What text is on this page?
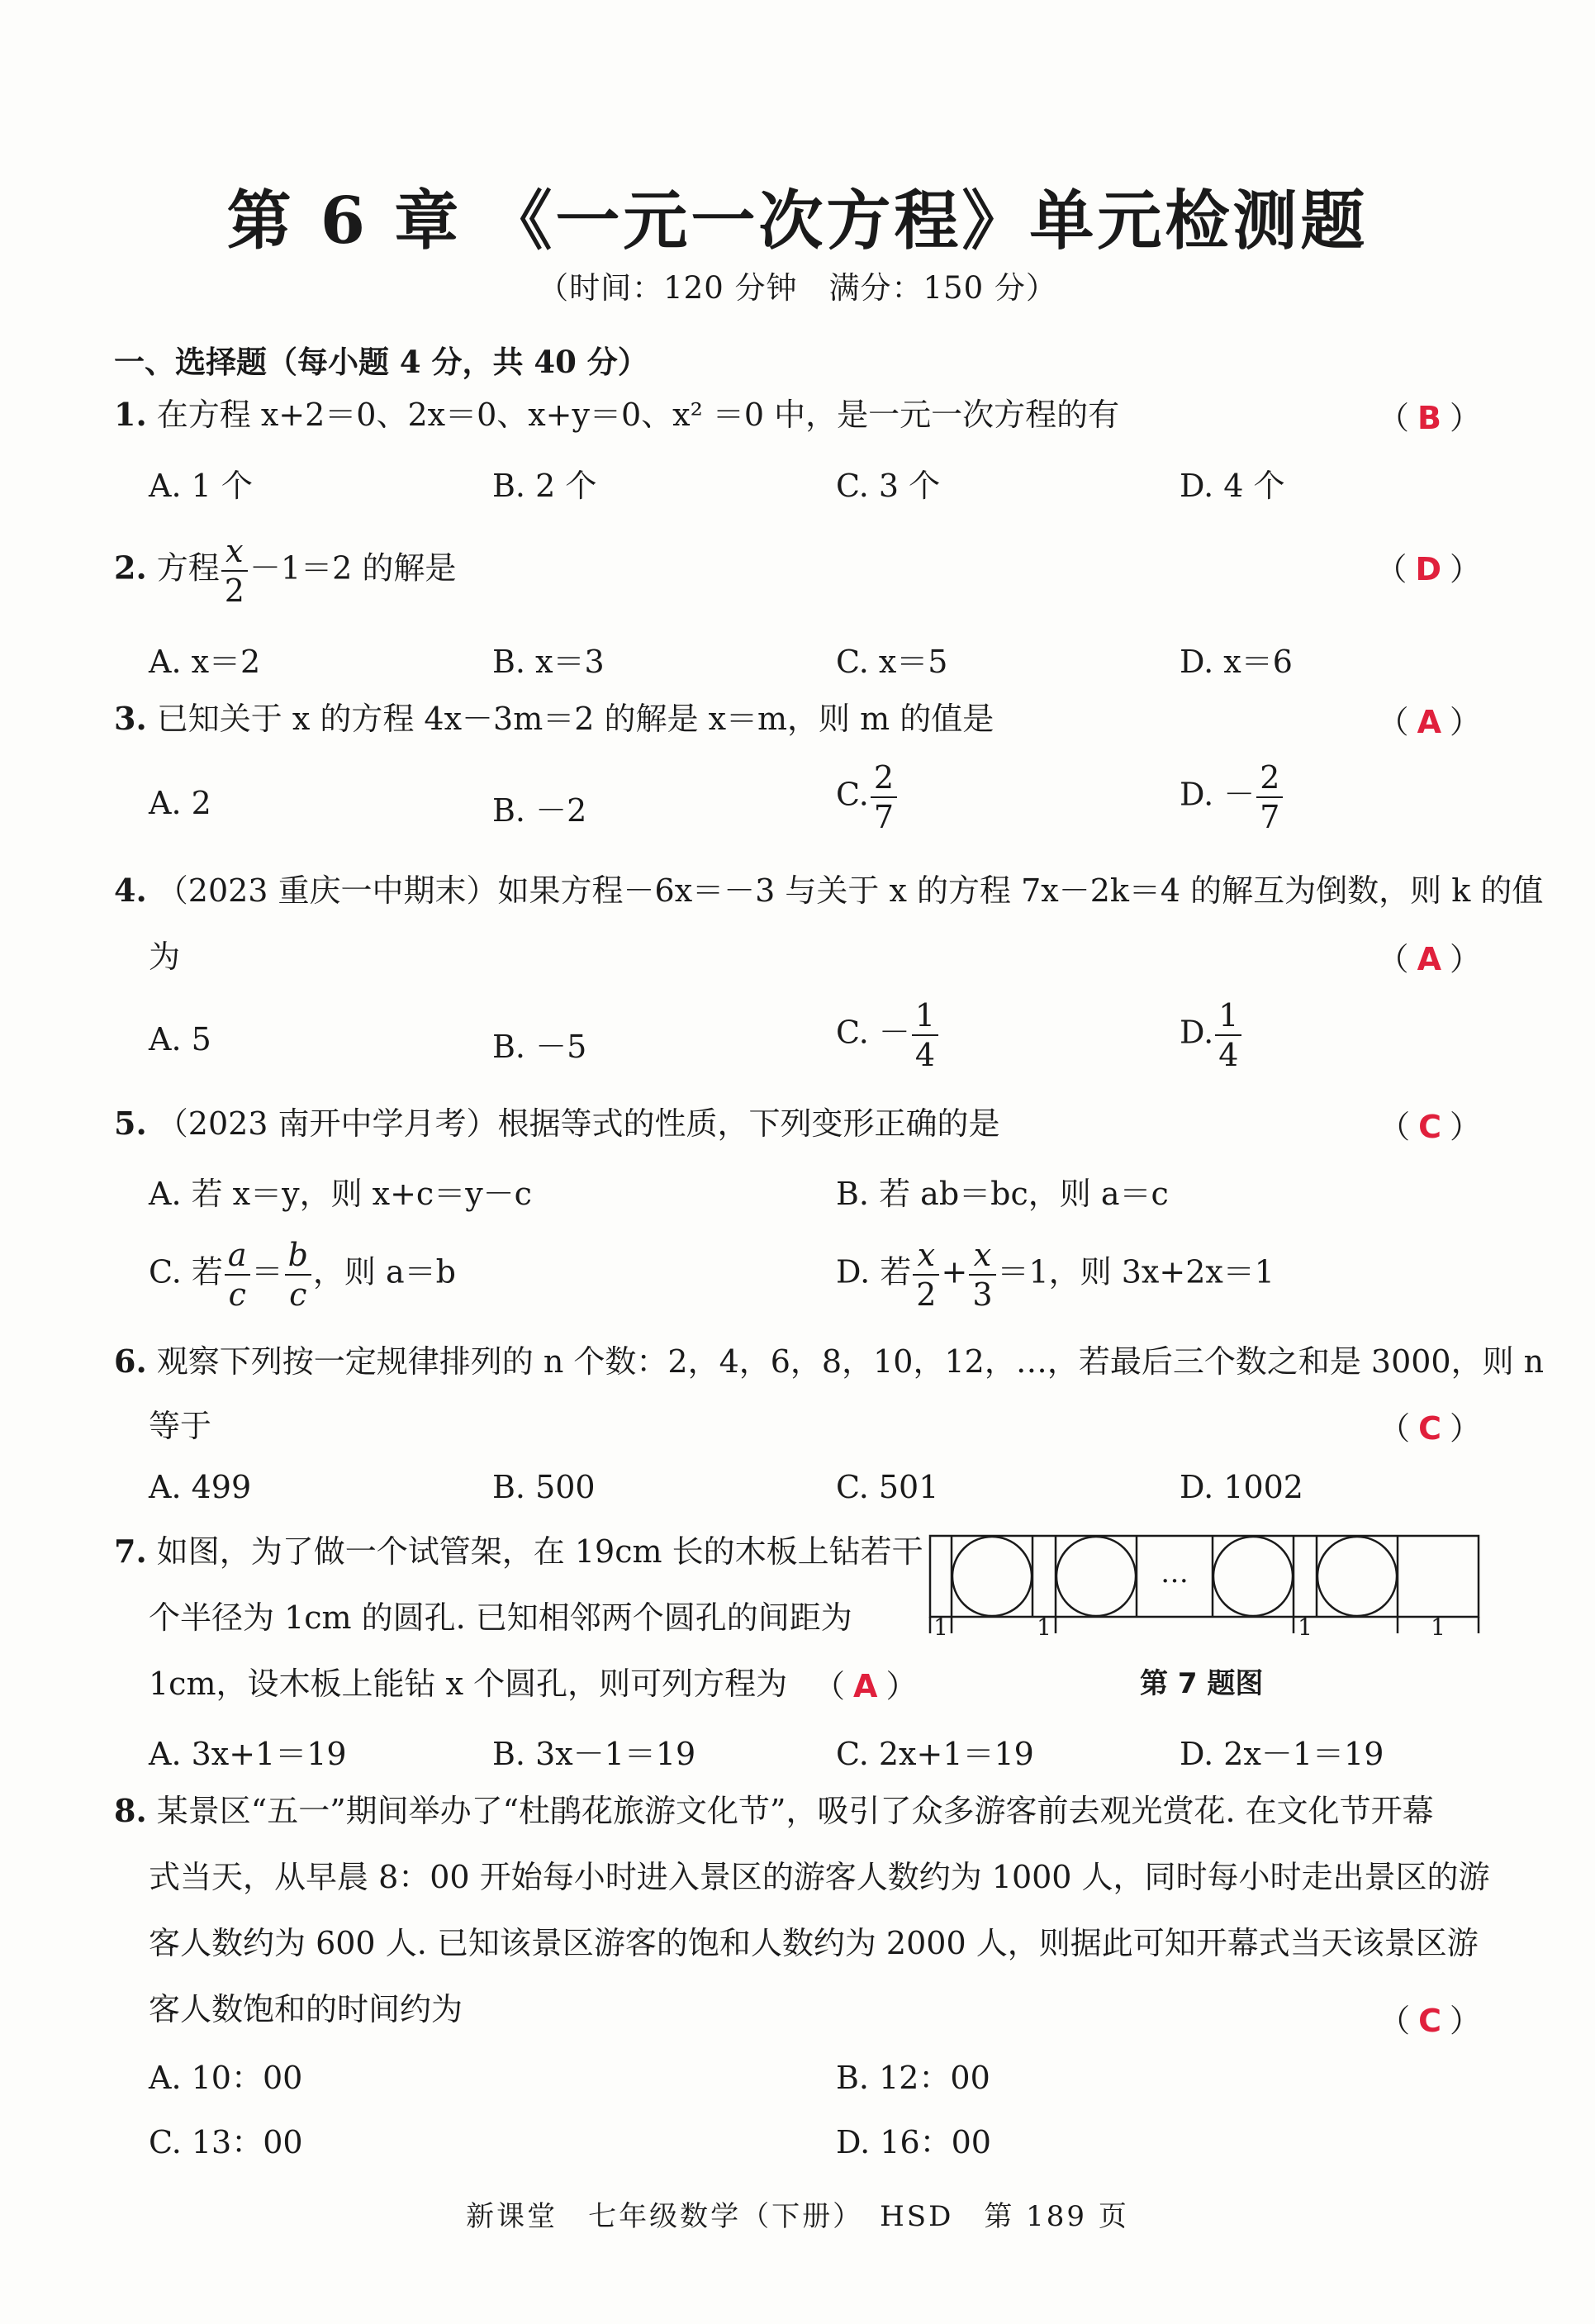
第 6 章 《一元一次方程》单元检测题
（时间：120 分钟　满分：150 分）
一、选择题（每小题 4 分，共 40 分）
1. 在方程 x+2＝0、2x＝0、x+y＝0、x² ＝0 中，是一元一次方程的有	（ B ）
A. 1 个	B. 2 个	C. 3 个	D. 4 个
2. 方程 $\frac{x}{2} -1=2$ 的解是	（ D ）
A. x＝2	B. x＝3	C. x＝5	D. x＝6
3. 已知关于 x 的方程 4x－3m＝2 的解是 x＝m，则 m 的值是	（ A ）
A. 2	B. －2	C. $\frac{2}{7}$	D. － $\frac{2}{7}$
4. （2023 重庆一中期末）如果方程－6x＝－3 与关于 x 的方程 7x－2k＝4 的解互为倒数，则 k 的值
为	（ A ）
A. 5	B. －5	C. － $\frac{1}{4}$	D. $\frac{1}{4}$
5. （2023 南开中学月考）根据等式的性质，下列变形正确的是	（ C ）
A. 若 x＝y，则 x+c＝y－c	B. 若 ab＝bc，则 a＝c
C. 若 $\frac{a}{c} = \frac{b}{c}$ ，则 a＝b	D. 若 $\frac{x}{2} + \frac{x}{3} =1$，则 3x+2x＝1
6. 观察下列按一定规律排列的 n 个数：2，4，6，8，10，12，…，若最后三个数之和是 3000，则 n
等于	（ C ）
A. 499	B. 500	C. 501	D. 1002
7. 如图，为了做一个试管架，在 19cm 长的木板上钻若干
个半径为 1cm 的圆孔. 已知相邻两个圆孔的间距为
1cm，设木板上能钻 x 个圆孔，则可列方程为 （ A ）
…
1	1	1	1
第 7 题图
A. 3x+1＝19	B. 3x－1＝19	C. 2x+1＝19	D. 2x－1＝19
8. 某景区“五一”期间举办了“杜鹃花旅游文化节”，吸引了众多游客前去观光赏花. 在文化节开幕
式当天，从早晨 8：00 开始每小时进入景区的游客人数约为 1000 人，同时每小时走出景区的游
客人数约为 600 人. 已知该景区游客的饱和人数约为 2000 人，则据此可知开幕式当天该景区游
客人数饱和的时间约为	（ C ）
A. 10：00	B. 12：00
C. 13：00	D. 16：00
新课堂　七年级数学（下册）　HSD　第 189 页
